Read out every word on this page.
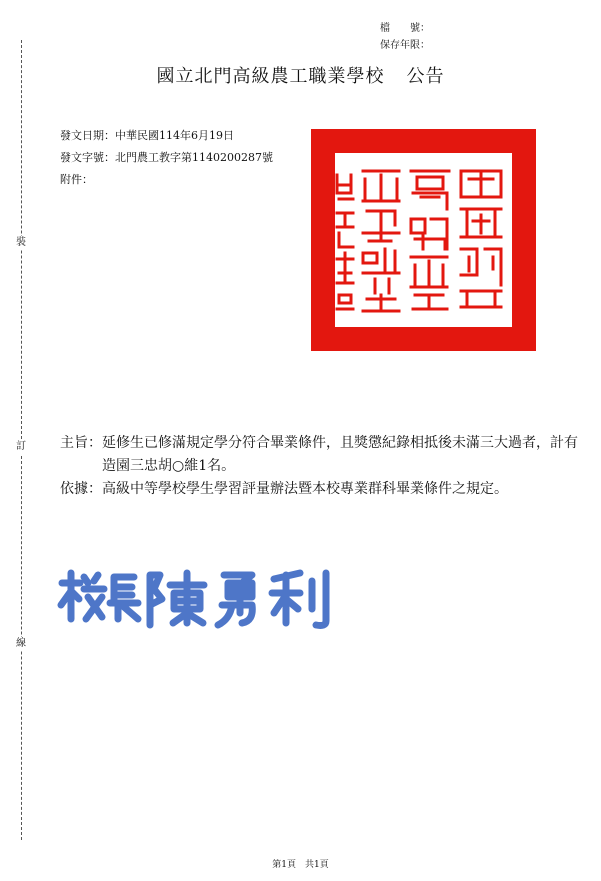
裝
訂
線
檔　　號：
保存年限：
國立北門高級農工職業學校 公告
發文日期：中華民國114年6月19日
發文字號：北門農工教字第1140200287號
附件：
主旨： 延修生已修滿規定學分符合畢業條件，且獎懲紀錄相抵後未滿三大過者，計有造園三忠胡○維1名。
依據： 高級中等學校學生學習評量辦法暨本校專業群科畢業條件之規定。
第1頁　共1頁
